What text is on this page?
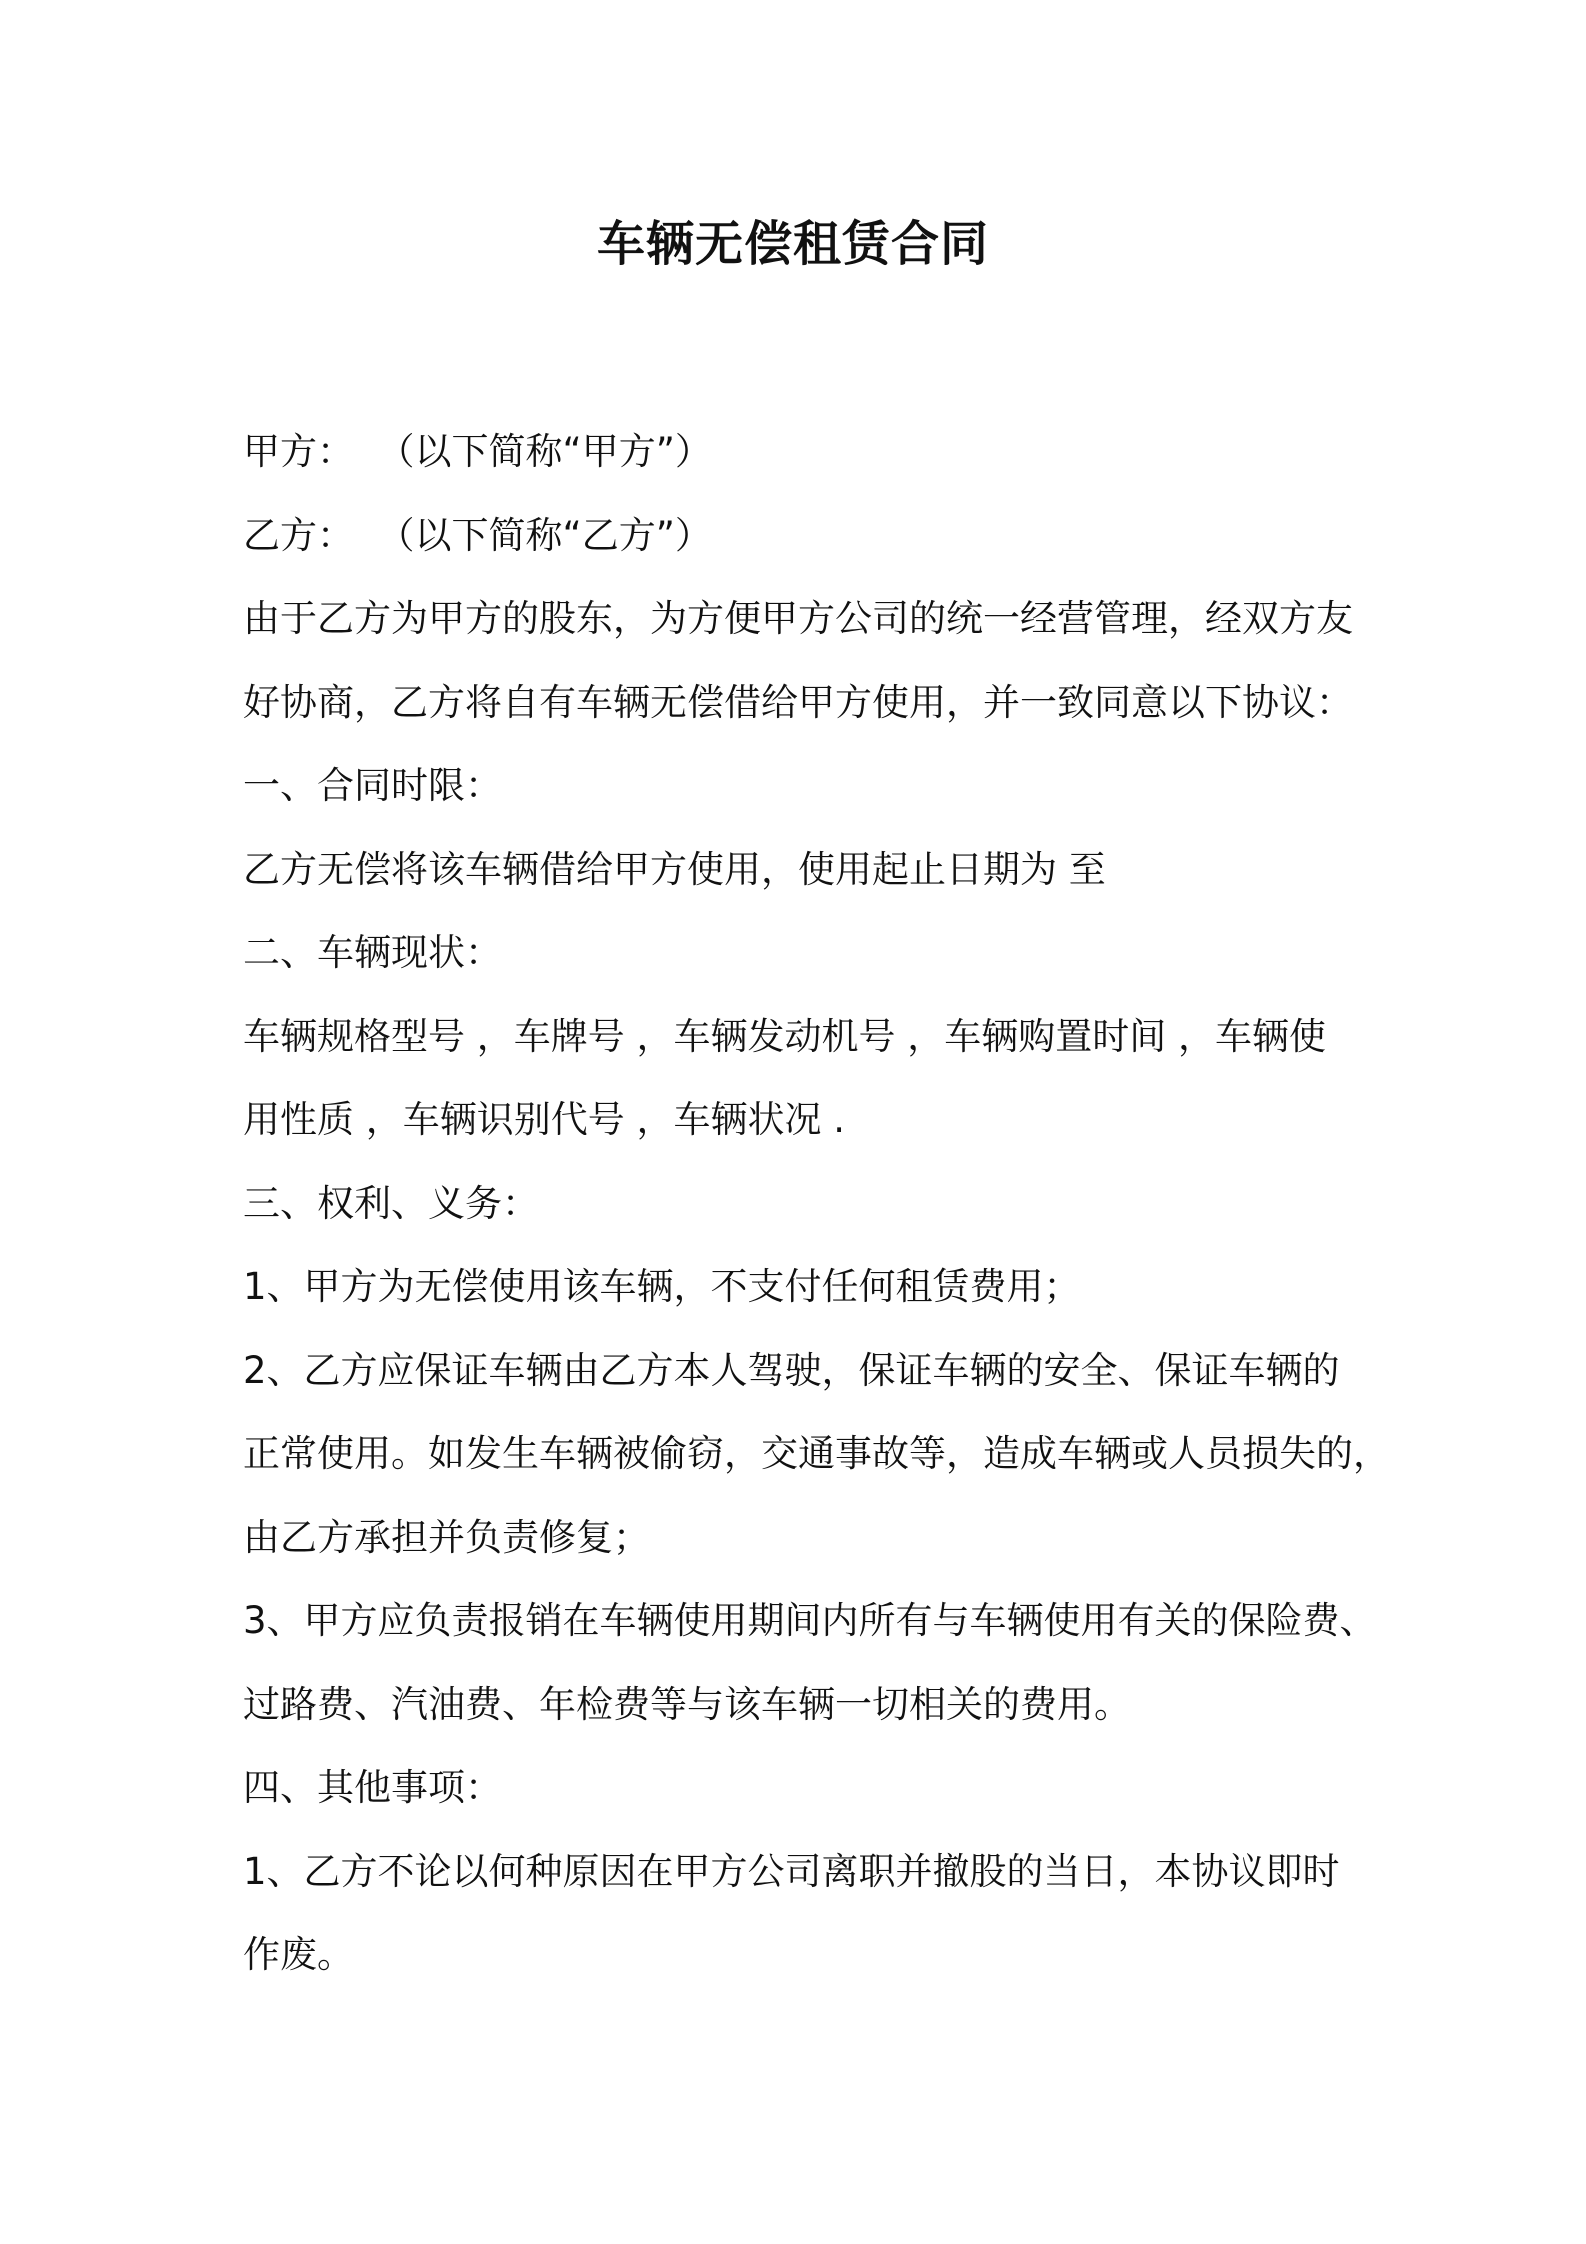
车辆无偿租赁合同

甲方：  （以下简称“甲方”）

乙方：  （以下简称“乙方”）

由于乙方为甲方的股东，为方便甲方公司的统一经营管理，经双方友

好协商，乙方将自有车辆无偿借给甲方使用，并一致同意以下协议：

一、合同时限：

乙方无偿将该车辆借给甲方使用，使用起止日期为 至

二、车辆现状：

车辆规格型号 ，车牌号 ，车辆发动机号 ，车辆购置时间 ，车辆使

用性质 ，车辆识别代号 ，车辆状况 .

三、权利、义务：

1、甲方为无偿使用该车辆，不支付任何租赁费用；

2、乙方应保证车辆由乙方本人驾驶，保证车辆的安全、保证车辆的

正常使用。如发生车辆被偷窃，交通事故等，造成车辆或人员损失的，

由乙方承担并负责修复；

3、甲方应负责报销在车辆使用期间内所有与车辆使用有关的保险费、

过路费、汽油费、年检费等与该车辆一切相关的费用。

四、其他事项：

1、乙方不论以何种原因在甲方公司离职并撤股的当日，本协议即时

作废。
